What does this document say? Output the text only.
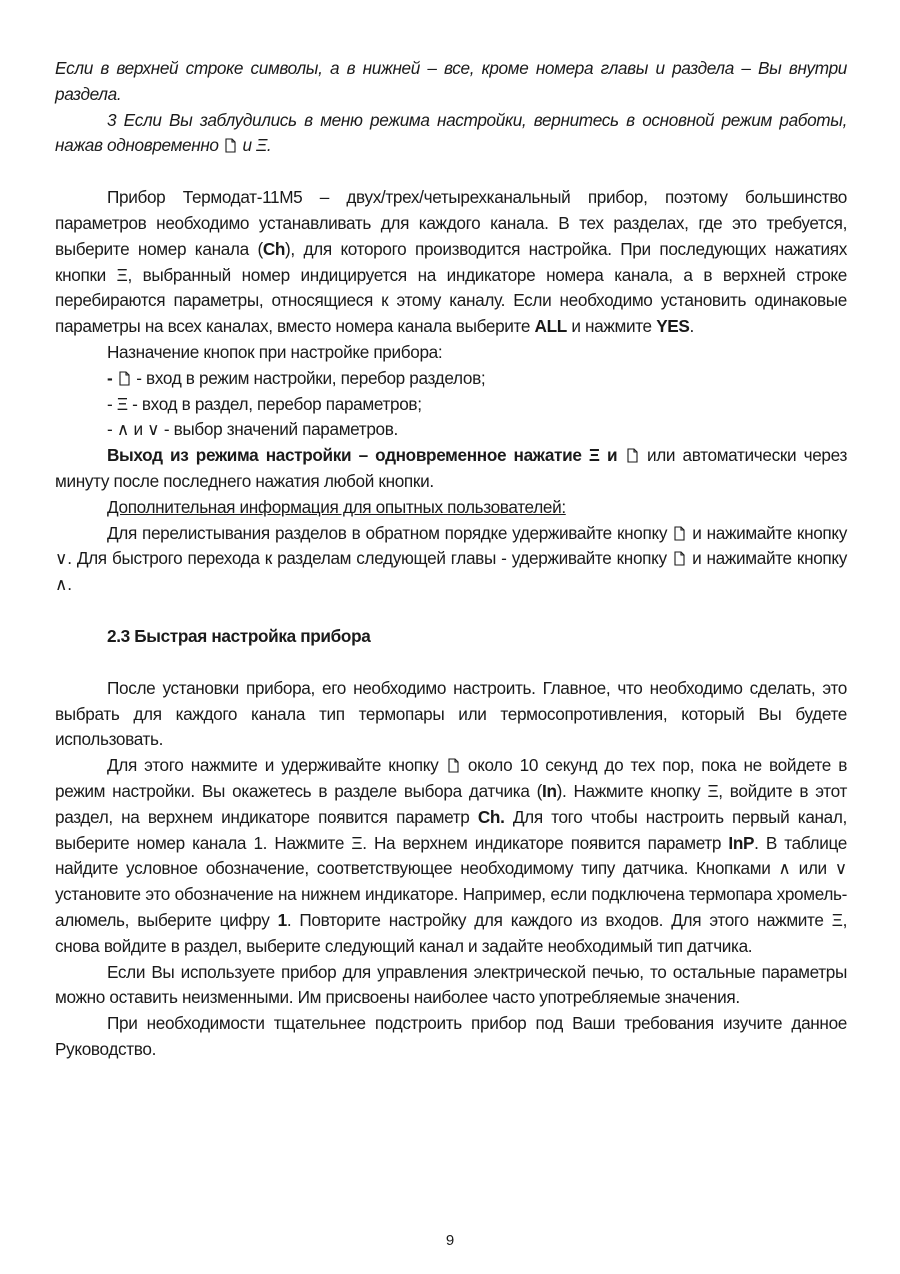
Если в верхней строке символы, а в нижней – все, кроме номера главы и раздела – Вы внутри раздела.

3 Если Вы заблудились в меню режима настройки, вернитесь в основной режим работы, нажав одновременно  и Ξ.

Прибор Термодат-11М5 – двух/трех/четырехканальный прибор, поэтому большинство параметров необходимо устанавливать для каждого канала. В тех разделах, где это требуется, выберите номер канала (Ch), для которого производится настройка. При последующих нажатиях кнопки Ξ, выбранный номер индицируется на индикаторе номера канала, а в верхней строке перебираются параметры, относящиеся к этому каналу. Если необходимо установить одинаковые параметры на всех каналах, вместо номера канала выберите ALL и нажмите YES.

Назначение кнопок при настройке прибора:

-  - вход в режим настройки, перебор разделов;

- Ξ - вход в раздел, перебор параметров;

- ∧ и ∨ - выбор значений параметров.

Выход из режима настройки – одновременное нажатие Ξ и  или автоматически через минуту после последнего нажатия любой кнопки.

Дополнительная информация для опытных пользователей:

Для перелистывания разделов в обратном порядке удерживайте кнопку  и нажимайте кнопку ∨. Для быстрого перехода к разделам следующей главы - удерживайте кнопку  и нажимайте кнопку ∧.

2.3 Быстрая настройка прибора

После установки прибора, его необходимо настроить. Главное, что необходимо сделать, это выбрать для каждого канала тип термопары или термосопротивления, который Вы будете использовать.

Для этого нажмите и удерживайте кнопку  около 10 секунд до тех пор, пока не войдете в режим настройки. Вы окажетесь в разделе выбора датчика (In). Нажмите кнопку Ξ, войдите в этот раздел, на верхнем индикаторе появится параметр Ch. Для того чтобы настроить первый канал, выберите номер канала 1. Нажмите Ξ. На верхнем индикаторе появится параметр InP. В таблице найдите условное обозначение, соответствующее необходимому типу датчика. Кнопками ∧ или ∨ установите это обозначение на нижнем индикаторе. Например, если подключена термопара хромель-алюмель, выберите цифру 1. Повторите настройку для каждого из входов. Для этого нажмите Ξ, снова войдите в раздел, выберите следующий канал и задайте необходимый тип датчика.

Если Вы используете прибор для управления электрической печью, то остальные параметры можно оставить неизменными. Им присвоены наиболее часто употребляемые значения.

При необходимости тщательнее подстроить прибор под Ваши требования изучите данное Руководство.

9
